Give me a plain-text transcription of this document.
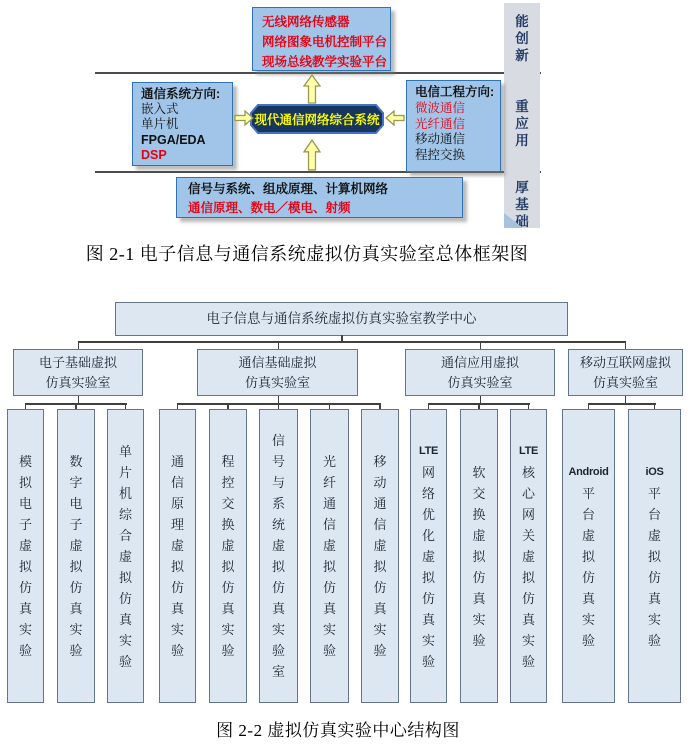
能
创
新
重
应
用
厚
基
础
无线网络传感器
网络图象电机控制平台
现场总线教学实验平台
通信系统方向:
嵌入式
单片机
FPGA/EDA
DSP
电信工程方向:
微波通信
光纤通信
移动通信
程控交换
信号与系统、组成原理、计算机网络
通信原理、数电／模电、射频
现代通信网络综合系统
图 2-1 电子信息与通信系统虚拟仿真实验室总体框架图
电子信息与通信系统虚拟仿真实验室教学中心
电子基础虚拟
仿真实验室
通信基础虚拟
仿真实验室
通信应用虚拟
仿真实验室
移动互联网虚拟
仿真实验室
模
拟
电
子
虚
拟
仿
真
实
验
数
字
电
子
虚
拟
仿
真
实
验
单
片
机
综
合
虚
拟
仿
真
实
验
通
信
原
理
虚
拟
仿
真
实
验
程
控
交
换
虚
拟
仿
真
实
验
信
号
与
系
统
虚
拟
仿
真
实
验
室
光
纤
通
信
虚
拟
仿
真
实
验
移
动
通
信
虚
拟
仿
真
实
验
LTE
网
络
优
化
虚
拟
仿
真
实
验
软
交
换
虚
拟
仿
真
实
验
LTE
核
心
网
关
虚
拟
仿
真
实
验
Android
平
台
虚
拟
仿
真
实
验
iOS
平
台
虚
拟
仿
真
实
验
图 2-2 虚拟仿真实验中心结构图
